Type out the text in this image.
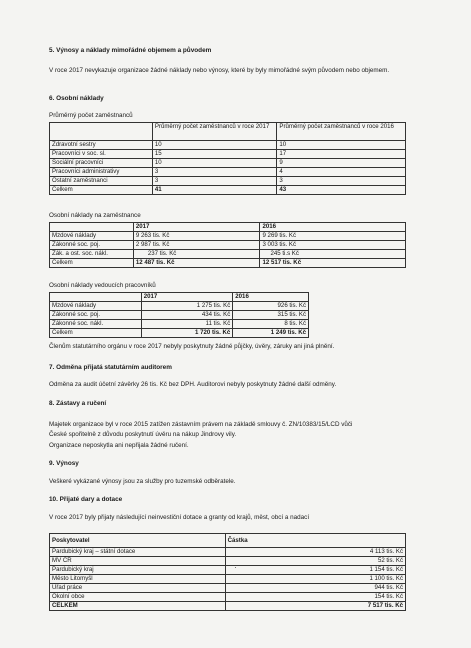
5. Výnosy a náklady mimořádné objemem a původem

V roce 2017 nevykazuje organizace žádné náklady nebo výnosy, které by byly mimořádné svým původem nebo objemem.

6. Osobní náklady

Průměrný počet zaměstnanců

	Průměrný počet zaměstnanců v roce 2017	Průměrný počet zaměstnanců v roce 2016
Zdravotní sestry	10	10
Pracovníci v soc. sl.	15	17
Sociální pracovníci	10	9
Pracovníci administrativy	3	4
Ostatní zaměstnanci	3	3
Celkem	41	43

Osobní náklady na zaměstnance

	2017	2016
Mzdové náklady	9 263 tis. Kč	9 269 tis. Kč
Zákonné soc. poj.	2 987 tis. Kč	3 003 tis. Kč
Zák. a ost. soc. nákl.	237 tis. Kč	245 ti.s Kč
Celkem	12 487 tis. Kč	12 517 tis. Kč

Osobní náklady vedoucích pracovníků

	2017	2016
Mzdové náklady	1 275 tis. Kč	926 tis. Kč
Zákonné soc. poj.	434 tis. Kč	315 tis. Kč
Zákonné soc. nákl.	11 tis. Kč	8 tis. Kč
Celkem	1 720 tis. Kč	1 249 tis. Kč

Členům statutárního orgánu v roce 2017 nebyly poskytnuty žádné půjčky, úvěry, záruky ani jiná plnění.

7. Odměna přijatá statutárním auditorem

Odměna za audit účetní závěrky 26 tis. Kč bez DPH. Auditorovi nebyly poskytnuty žádné další odměny.

8. Zástavy a ručení

Majetek organizace byl v roce 2015 zatížen zástavním právem na základě smlouvy č. ZN/10383/15/LCD vůči

České spořitelně z důvodu poskytnutí úvěru na nákup Jindrovy vily.

Organizace neposkytla ani nepřijala žádné ručení.

9. Výnosy

Veškeré vykázané výnosy jsou za služby pro tuzemské odběratele.

10. Přijaté dary a dotace

V roce 2017 byly přijaty následující neinvestiční dotace a granty od krajů, měst, obcí a nadací

Poskytovatel	Částka
Pardubický kraj – státní dotace	4 113 tis. Kč
MV ČR	52 tis. Kč
Pardubický kraj	1 154 tis. Kč
Město Litomyšl	1 100 tis. Kč
Úřad práce	944 tis. Kč
Okolní obce	154 tis. Kč
CELKEM	7 517 tis. Kč
